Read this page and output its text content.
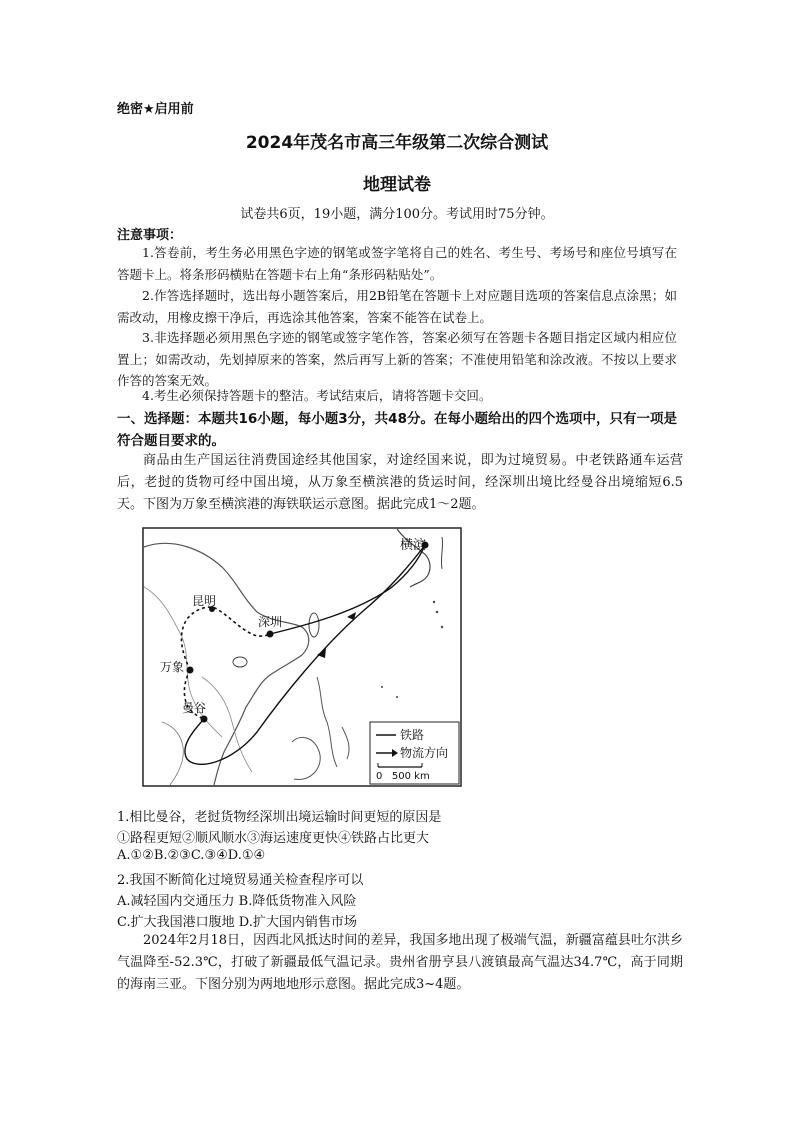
绝密★启用前
2024年茂名市高三年级第二次综合测试
地理试卷
试卷共6页，19小题，满分100分。考试用时75分钟。
注意事项：
1.答卷前，考生务必用黑色字迹的钢笔或签字笔将自己的姓名、考生号、考场号和座位号填写在答题卡上。将条形码横贴在答题卡右上角“条形码粘贴处”。
2.作答选择题时，选出每小题答案后，用2B铅笔在答题卡上对应题目选项的答案信息点涂黑；如需改动，用橡皮擦干净后，再选涂其他答案，答案不能答在试卷上。
3.非选择题必须用黑色字迹的钢笔或签字笔作答，答案必须写在答题卡各题目指定区域内相应位置上；如需改动，先划掉原来的答案，然后再写上新的答案；不准使用铅笔和涂改液。不按以上要求作答的答案无效。
4.考生必须保持答题卡的整洁。考试结束后，请将答题卡交回。
一、选择题：本题共16小题，每小题3分，共48分。在每小题给出的四个选项中，只有一项是符合题目要求的。
商品由生产国运往消费国途经其他国家，对途经国来说，即为过境贸易。中老铁路通车运营后，老挝的货物可经中国出境，从万象至横滨港的货运时间，经深圳出境比经曼谷出境缩短6.5天。下图为万象至横滨港的海铁联运示意图。据此完成1～2题。
横滨
昆明
深圳
万象
曼谷
铁路
物流方向
0   500 km
1.相比曼谷，老挝货物经深圳出境运输时间更短的原因是
①路程更短②顺风顺水③海运速度更快④铁路占比更大
A.①②B.②③C.③④D.①④
2.我国不断简化过境贸易通关检查程序可以
A.减轻国内交通压力 B.降低货物准入风险
C.扩大我国港口腹地 D.扩大国内销售市场
2024年2月18日，因西北风抵达时间的差异，我国多地出现了极端气温，新疆富蕴县吐尔洪乡气温降至-52.3℃，打破了新疆最低气温记录。贵州省册亨县八渡镇最高气温达34.7℃，高于同期的海南三亚。下图分别为两地地形示意图。据此完成3~4题。
